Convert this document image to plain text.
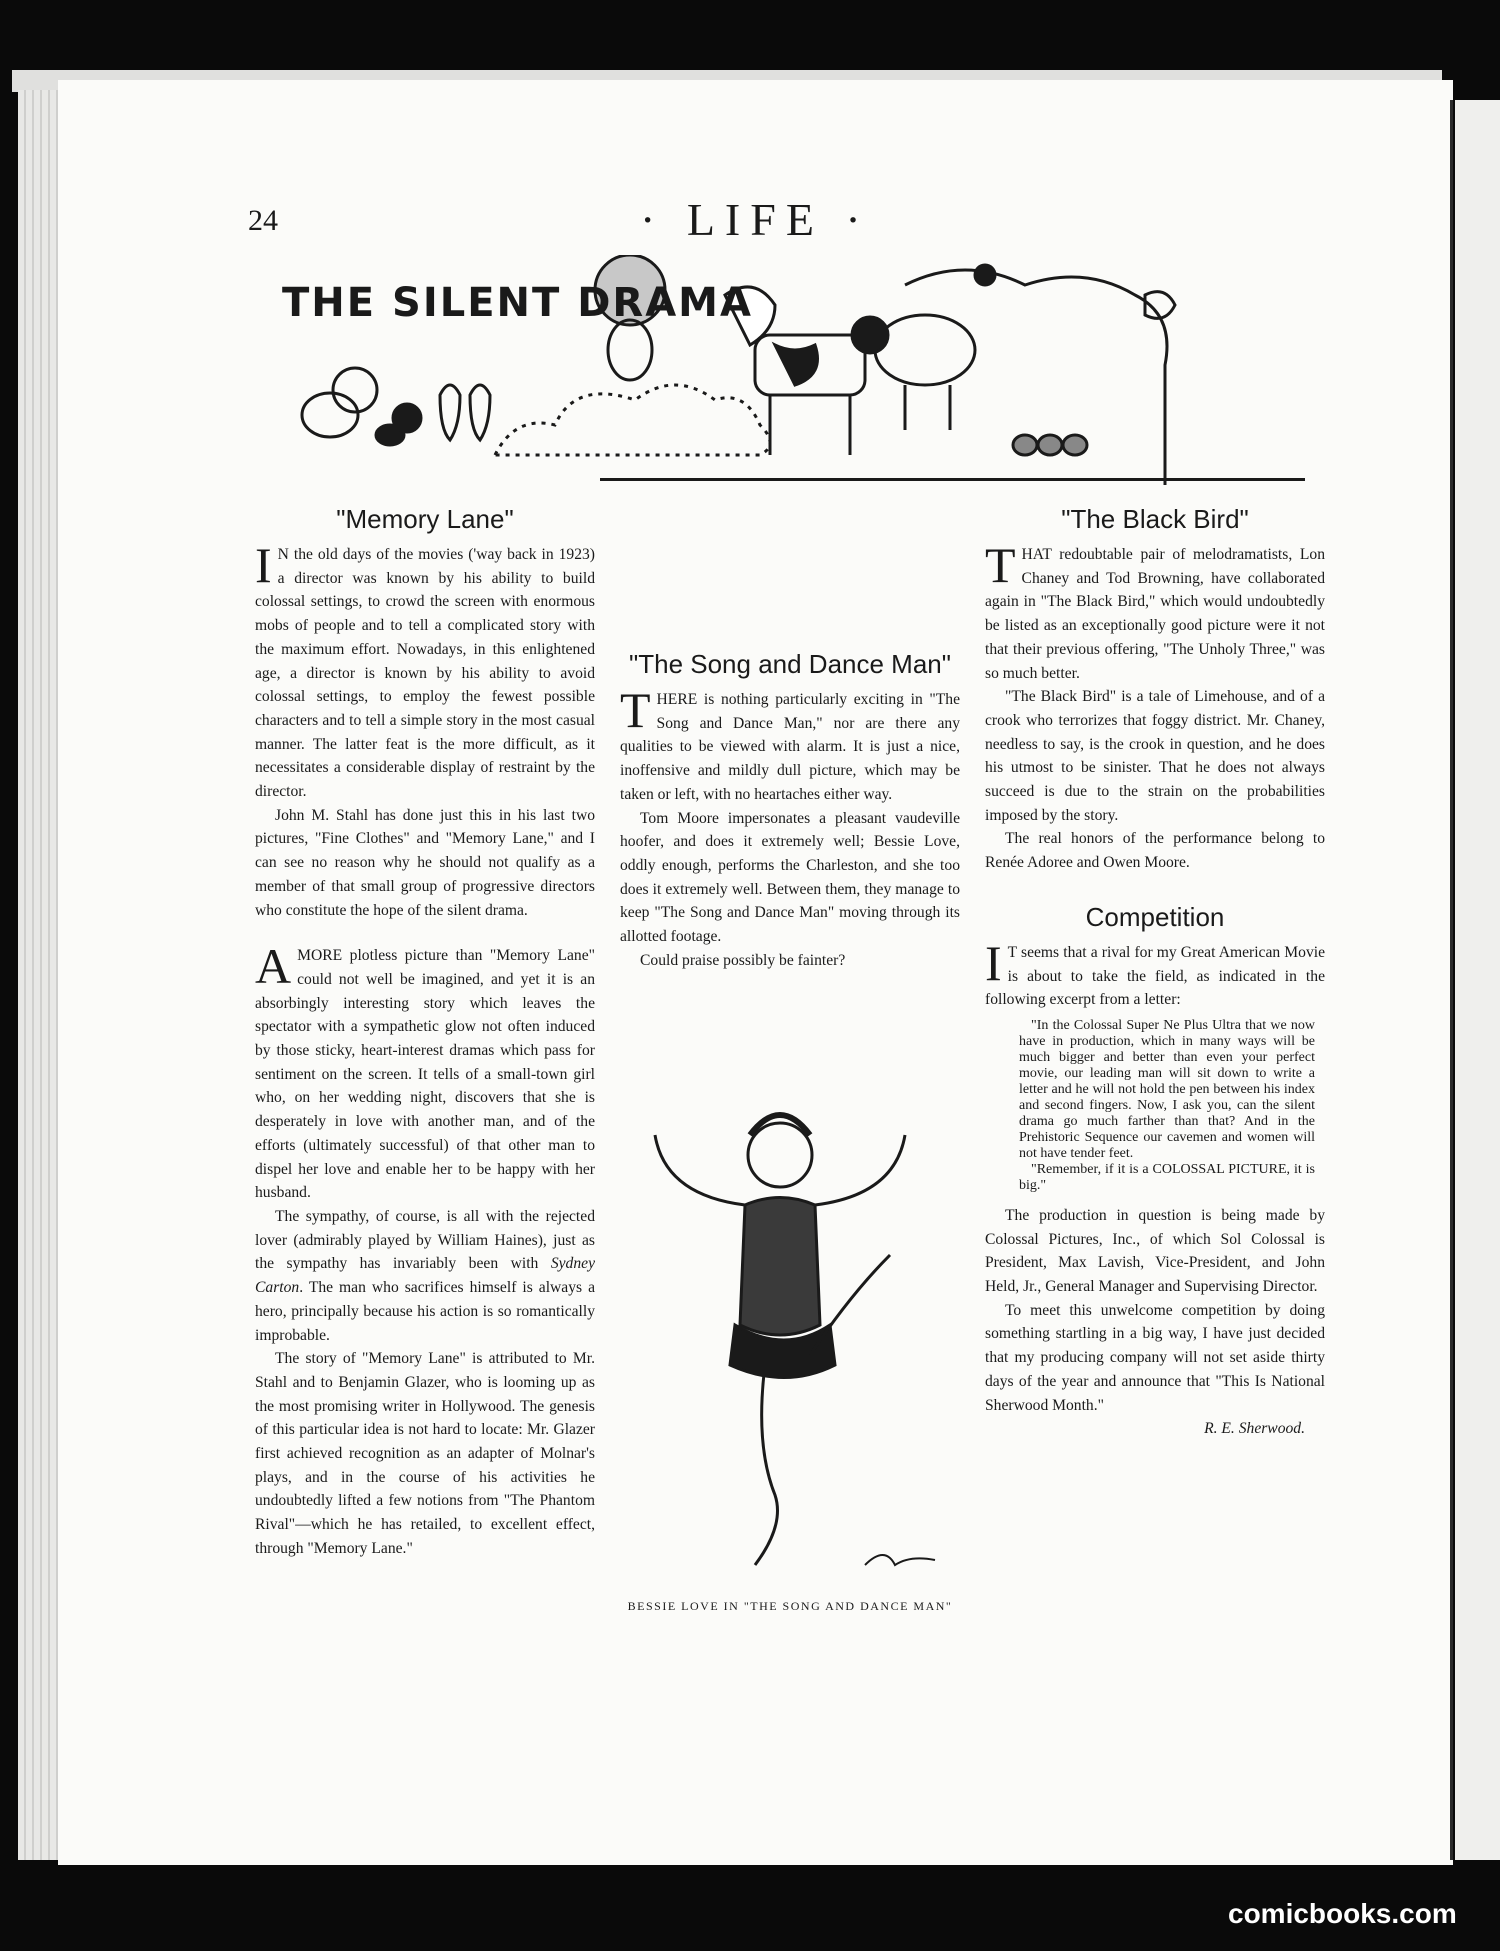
24	· LIFE ·
THE SILENT DRAMA
"Memory Lane"

I N the old days of the movies ('way back in 1923) a director was known by his ability to build colossal settings, to crowd the screen with enormous mobs of people and to tell a complicated story with the maximum effort. Nowadays, in this enlightened age, a director is known by his ability to avoid colossal settings, to employ the fewest possible characters and to tell a simple story in the most casual manner. The latter feat is the more difficult, as it necessitates a considerable display of restraint by the director.

John M. Stahl has done just this in his last two pictures, "Fine Clothes" and "Memory Lane," and I can see no reason why he should not qualify as a member of that small group of progressive directors who constitute the hope of the silent drama.

AMORE plotless picture than "Memory Lane" could not well be imagined, and yet it is an absorbingly interesting story which leaves the spectator with a sympathetic glow not often induced by those sticky, heart-interest dramas which pass for sentiment on the screen. It tells of a small-town girl who, on her wedding night, discovers that she is desperately in love with another man, and of the efforts (ultimately successful) of that other man to dispel her love and enable her to be happy with her husband.

The sympathy, of course, is all with the rejected lover (admirably played by William Haines), just as the sympathy has invariably been with Sydney Carton. The man who sacrifices himself is always a hero, principally because his action is so romantically improbable.

The story of "Memory Lane" is attributed to Mr. Stahl and to Benjamin Glazer, who is looming up as the most promising writer in Hollywood. The genesis of this particular idea is not hard to locate: Mr. Glazer first achieved recognition as an adapter of Molnar's plays, and in the course of his activities he undoubtedly lifted a few notions from "The Phantom Rival"—which he has retailed, to excellent effect, through "Memory Lane."

"The Song and Dance Man"

THERE is nothing particularly exciting in "The Song and Dance Man," nor are there any qualities to be viewed with alarm. It is just a nice, inoffensive and mildly dull picture, which may be taken or left, with no heartaches either way.

Tom Moore impersonates a pleasant vaudeville hoofer, and does it extremely well; Bessie Love, oddly enough, performs the Charleston, and she too does it extremely well. Between them, they manage to keep "The Song and Dance Man" moving through its allotted footage.

Could praise possibly be fainter?

BESSIE LOVE IN "THE SONG AND DANCE MAN"
"The Black Bird"

THAT redoubtable pair of melodramatists, Lon Chaney and Tod Browning, have collaborated again in "The Black Bird," which would undoubtedly be listed as an exceptionally good picture were it not that their previous offering, "The Unholy Three," was so much better.

"The Black Bird" is a tale of Limehouse, and of a crook who terrorizes that foggy district. Mr. Chaney, needless to say, is the crook in question, and he does his utmost to be sinister. That he does not always succeed is due to the strain on the probabilities imposed by the story.

The real honors of the performance belong to Renée Adoree and Owen Moore.

Competition

I T seems that a rival for my Great American Movie is about to take the field, as indicated in the following excerpt from a letter:

"In the Colossal Super Ne Plus Ultra that we now have in production, which in many ways will be much bigger and better than even your perfect movie, our leading man will sit down to write a letter and he will not hold the pen between his index and second fingers. Now, I ask you, can the silent drama go much farther than that? And in the Prehistoric Sequence our cavemen and women will not have tender feet.

"Remember, if it is a COLOSSAL PICTURE, it is big."

The production in question is being made by Colossal Pictures, Inc., of which Sol Colossal is President, Max Lavish, Vice-President, and John Held, Jr., General Manager and Supervising Director.

To meet this unwelcome competition by doing something startling in a big way, I have just decided that my producing company will not set aside thirty days of the year and announce that "This Is National Sherwood Month."

R. E. Sherwood.
comicbooks.com
